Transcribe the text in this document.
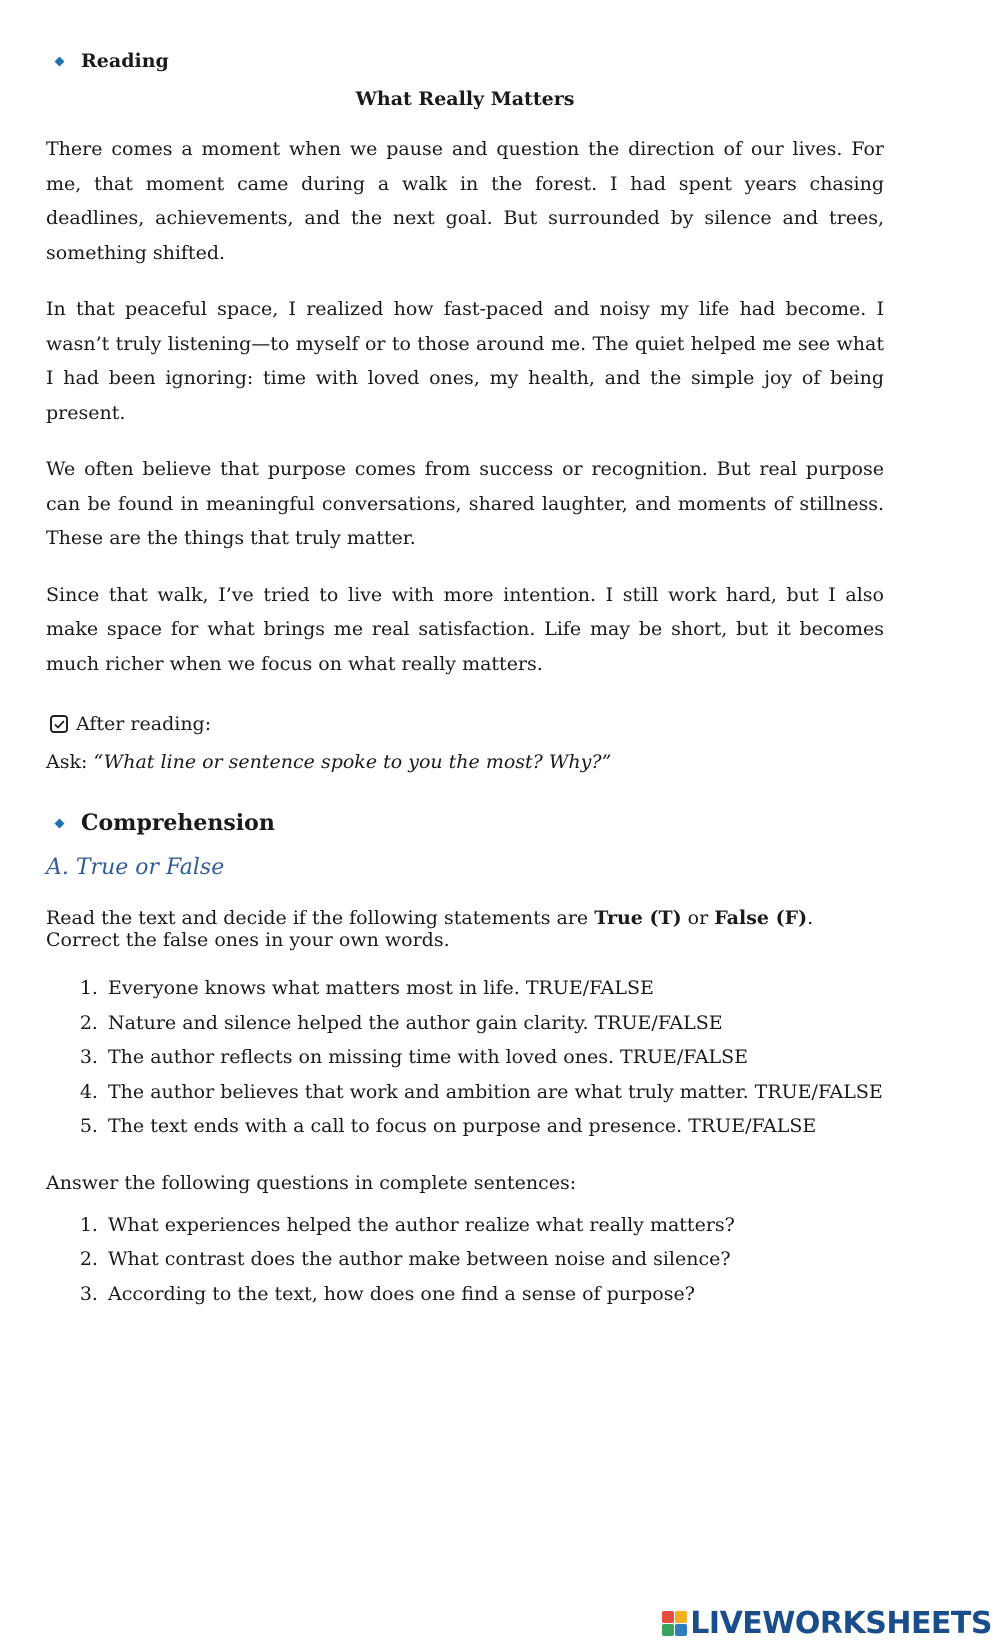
Reading
What Really Matters

There comes a moment when we pause and question the direction of our lives. For me, that moment came during a walk in the forest. I had spent years chasing deadlines, achievements, and the next goal. But surrounded by silence and trees, something shifted.

In that peaceful space, I realized how fast-paced and noisy my life had become. I wasn’t truly listening—to myself or to those around me. The quiet helped me see what I had been ignoring: time with loved ones, my health, and the simple joy of being present.

We often believe that purpose comes from success or recognition. But real purpose can be found in meaningful conversations, shared laughter, and moments of stillness. These are the things that truly matter.

Since that walk, I’ve tried to live with more intention. I still work hard, but I also make space for what brings me real satisfaction. Life may be short, but it becomes much richer when we focus on what really matters.

After reading:
Ask: “What line or sentence spoke to you the most? Why?”
Comprehension
A. True or False
Read the text and decide if the following statements are True (T) or False (F). Correct the false ones in your own words.
1. Everyone knows what matters most in life. TRUE/FALSE
2. Nature and silence helped the author gain clarity. TRUE/FALSE
3. The author reflects on missing time with loved ones. TRUE/FALSE
4. The author believes that work and ambition are what truly matter. TRUE/FALSE
5. The text ends with a call to focus on purpose and presence. TRUE/FALSE
Answer the following questions in complete sentences:
1. What experiences helped the author realize what really matters?
2. What contrast does the author make between noise and silence?
3. According to the text, how does one find a sense of purpose?
LIVEWORKSHEETS
